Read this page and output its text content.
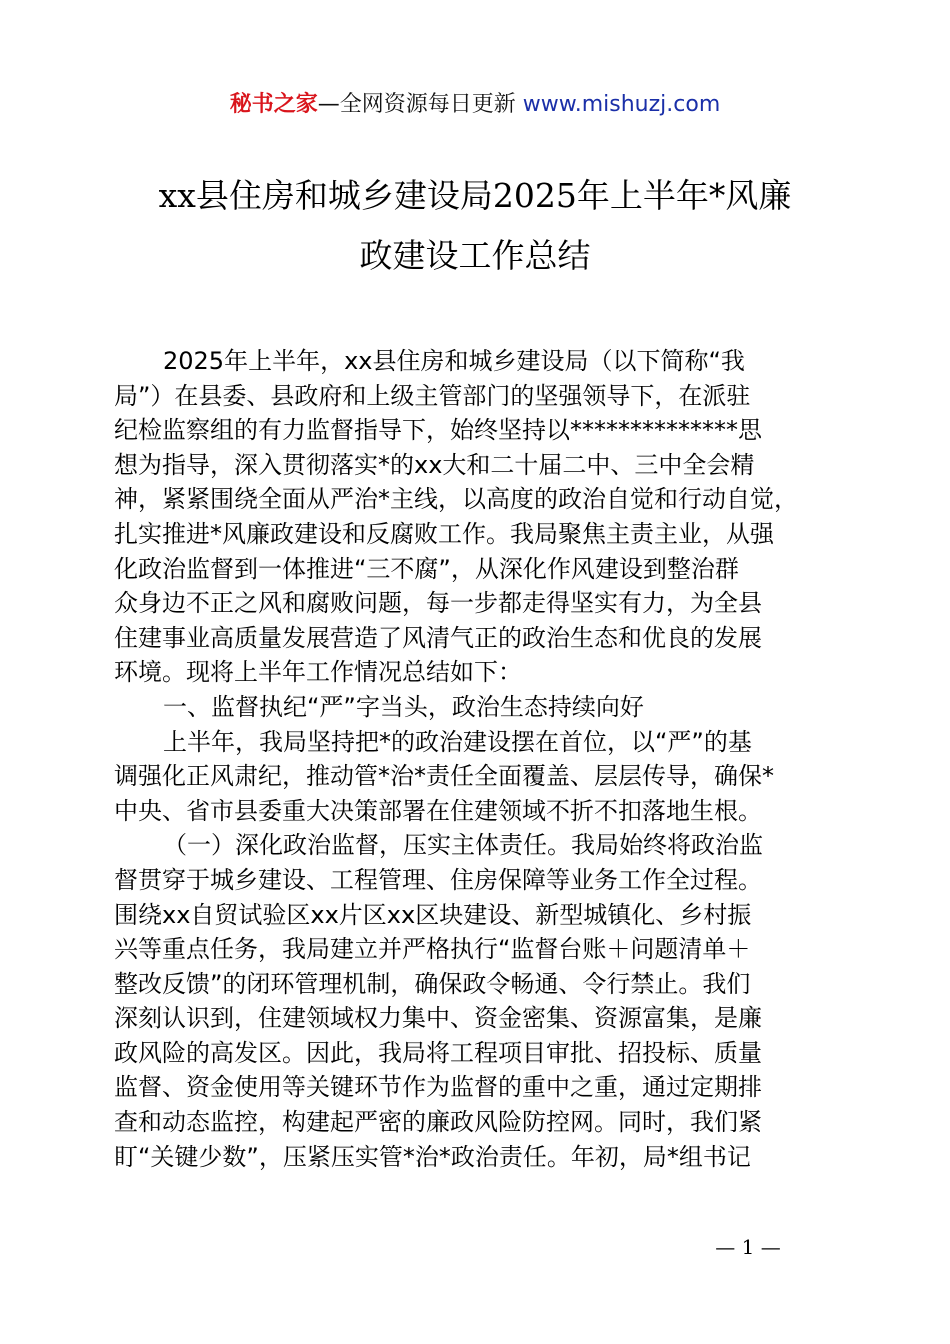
秘书之家—全网资源每日更新 www.mishuzj.com
xx县住房和城乡建设局2025年上半年*风廉
政建设工作总结
2025年上半年，xx县住房和城乡建设局（以下简称“我
局”）在县委、县政府和上级主管部门的坚强领导下，在派驻
纪检监察组的有力监督指导下，始终坚持以**************思
想为指导，深入贯彻落实*的xx大和二十届二中、三中全会精
神，紧紧围绕全面从严治*主线，以高度的政治自觉和行动自觉，
扎实推进*风廉政建设和反腐败工作。我局聚焦主责主业，从强
化政治监督到一体推进“三不腐”，从深化作风建设到整治群
众身边不正之风和腐败问题，每一步都走得坚实有力，为全县
住建事业高质量发展营造了风清气正的政治生态和优良的发展
环境。现将上半年工作情况总结如下：
一、监督执纪“严”字当头，政治生态持续向好
上半年，我局坚持把*的政治建设摆在首位，以“严”的基
调强化正风肃纪，推动管*治*责任全面覆盖、层层传导，确保*
中央、省市县委重大决策部署在住建领域不折不扣落地生根。
（一）深化政治监督，压实主体责任。我局始终将政治监
督贯穿于城乡建设、工程管理、住房保障等业务工作全过程。
围绕xx自贸试验区xx片区xx区块建设、新型城镇化、乡村振
兴等重点任务，我局建立并严格执行“监督台账＋问题清单＋
整改反馈”的闭环管理机制，确保政令畅通、令行禁止。我们
深刻认识到，住建领域权力集中、资金密集、资源富集，是廉
政风险的高发区。因此，我局将工程项目审批、招投标、质量
监督、资金使用等关键环节作为监督的重中之重，通过定期排
查和动态监控，构建起严密的廉政风险防控网。同时，我们紧
盯“关键少数”，压紧压实管*治*政治责任。年初，局*组书记
— 1 —
